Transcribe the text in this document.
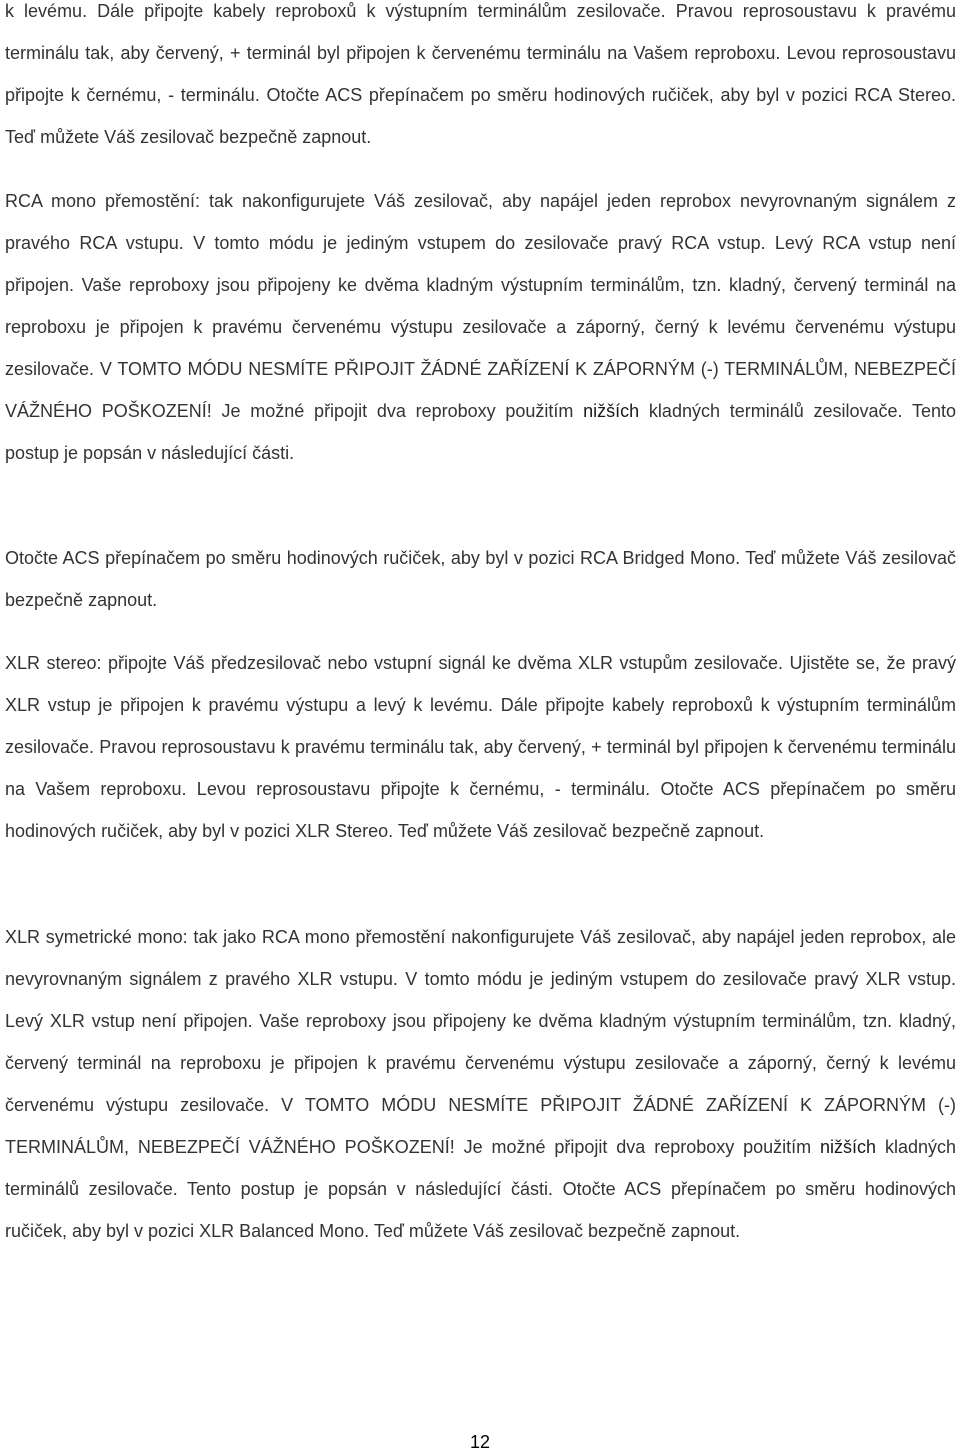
k levému. Dále připojte kabely reproboxů k výstupním terminálům zesilovače. Pravou reprosoustavu k pravému terminálu tak, aby červený, + terminál byl připojen k červenému terminálu na Vašem reproboxu. Levou reprosoustavu připojte k černému, - terminálu. Otočte ACS přepínačem po směru hodinových ručiček, aby byl v pozici RCA Stereo. Teď můžete Váš zesilovač bezpečně zapnout.

RCA mono přemostění: tak nakonfigurujete Váš zesilovač, aby napájel jeden reprobox nevyrovnaným signálem z pravého RCA vstupu. V tomto módu je jediným vstupem do zesilovače pravý RCA vstup. Levý RCA vstup není připojen. Vaše reproboxy jsou připojeny ke dvěma kladným výstupním terminálům, tzn. kladný, červený terminál na reproboxu je připojen k pravému červenému výstupu zesilovače a záporný, černý k levému červenému výstupu zesilovače. V TOMTO MÓDU NESMÍTE PŘIPOJIT ŽÁDNÉ ZAŘÍZENÍ K ZÁPORNÝM (-) TERMINÁLŮM, NEBEZPEČÍ VÁŽNÉHO POŠKOZENÍ! Je možné připojit dva reproboxy použitím nižších kladných terminálů zesilovače. Tento postup je popsán v následující části.

Otočte ACS přepínačem po směru hodinových ručiček, aby byl v pozici RCA Bridged Mono. Teď můžete Váš zesilovač bezpečně zapnout.

XLR stereo: připojte Váš předzesilovač nebo vstupní signál ke dvěma XLR vstupům zesilovače. Ujistěte se, že pravý XLR vstup je připojen k pravému výstupu a levý k levému. Dále připojte kabely reproboxů k výstupním terminálům zesilovače. Pravou reprosoustavu k pravému terminálu tak, aby červený, + terminál byl připojen k červenému terminálu na Vašem reproboxu. Levou reprosoustavu připojte k černému, - terminálu. Otočte ACS přepínačem po směru hodinových ručiček, aby byl v pozici XLR Stereo. Teď můžete Váš zesilovač bezpečně zapnout.

XLR symetrické mono: tak jako RCA mono přemostění nakonfigurujete Váš zesilovač, aby napájel jeden reprobox, ale nevyrovnaným signálem z pravého XLR vstupu. V tomto módu je jediným vstupem do zesilovače pravý XLR vstup. Levý XLR vstup není připojen. Vaše reproboxy jsou připojeny ke dvěma kladným výstupním terminálům, tzn. kladný, červený terminál na reproboxu je připojen k pravému červenému výstupu zesilovače a záporný, černý k levému červenému výstupu zesilovače. V TOMTO MÓDU NESMÍTE PŘIPOJIT ŽÁDNÉ ZAŘÍZENÍ K ZÁPORNÝM (-) TERMINÁLŮM, NEBEZPEČÍ VÁŽNÉHO POŠKOZENÍ! Je možné připojit dva reproboxy použitím nižších kladných terminálů zesilovače. Tento postup je popsán v následující části. Otočte ACS přepínačem po směru hodinových ručiček, aby byl v pozici XLR Balanced Mono. Teď můžete Váš zesilovač bezpečně zapnout.

12
